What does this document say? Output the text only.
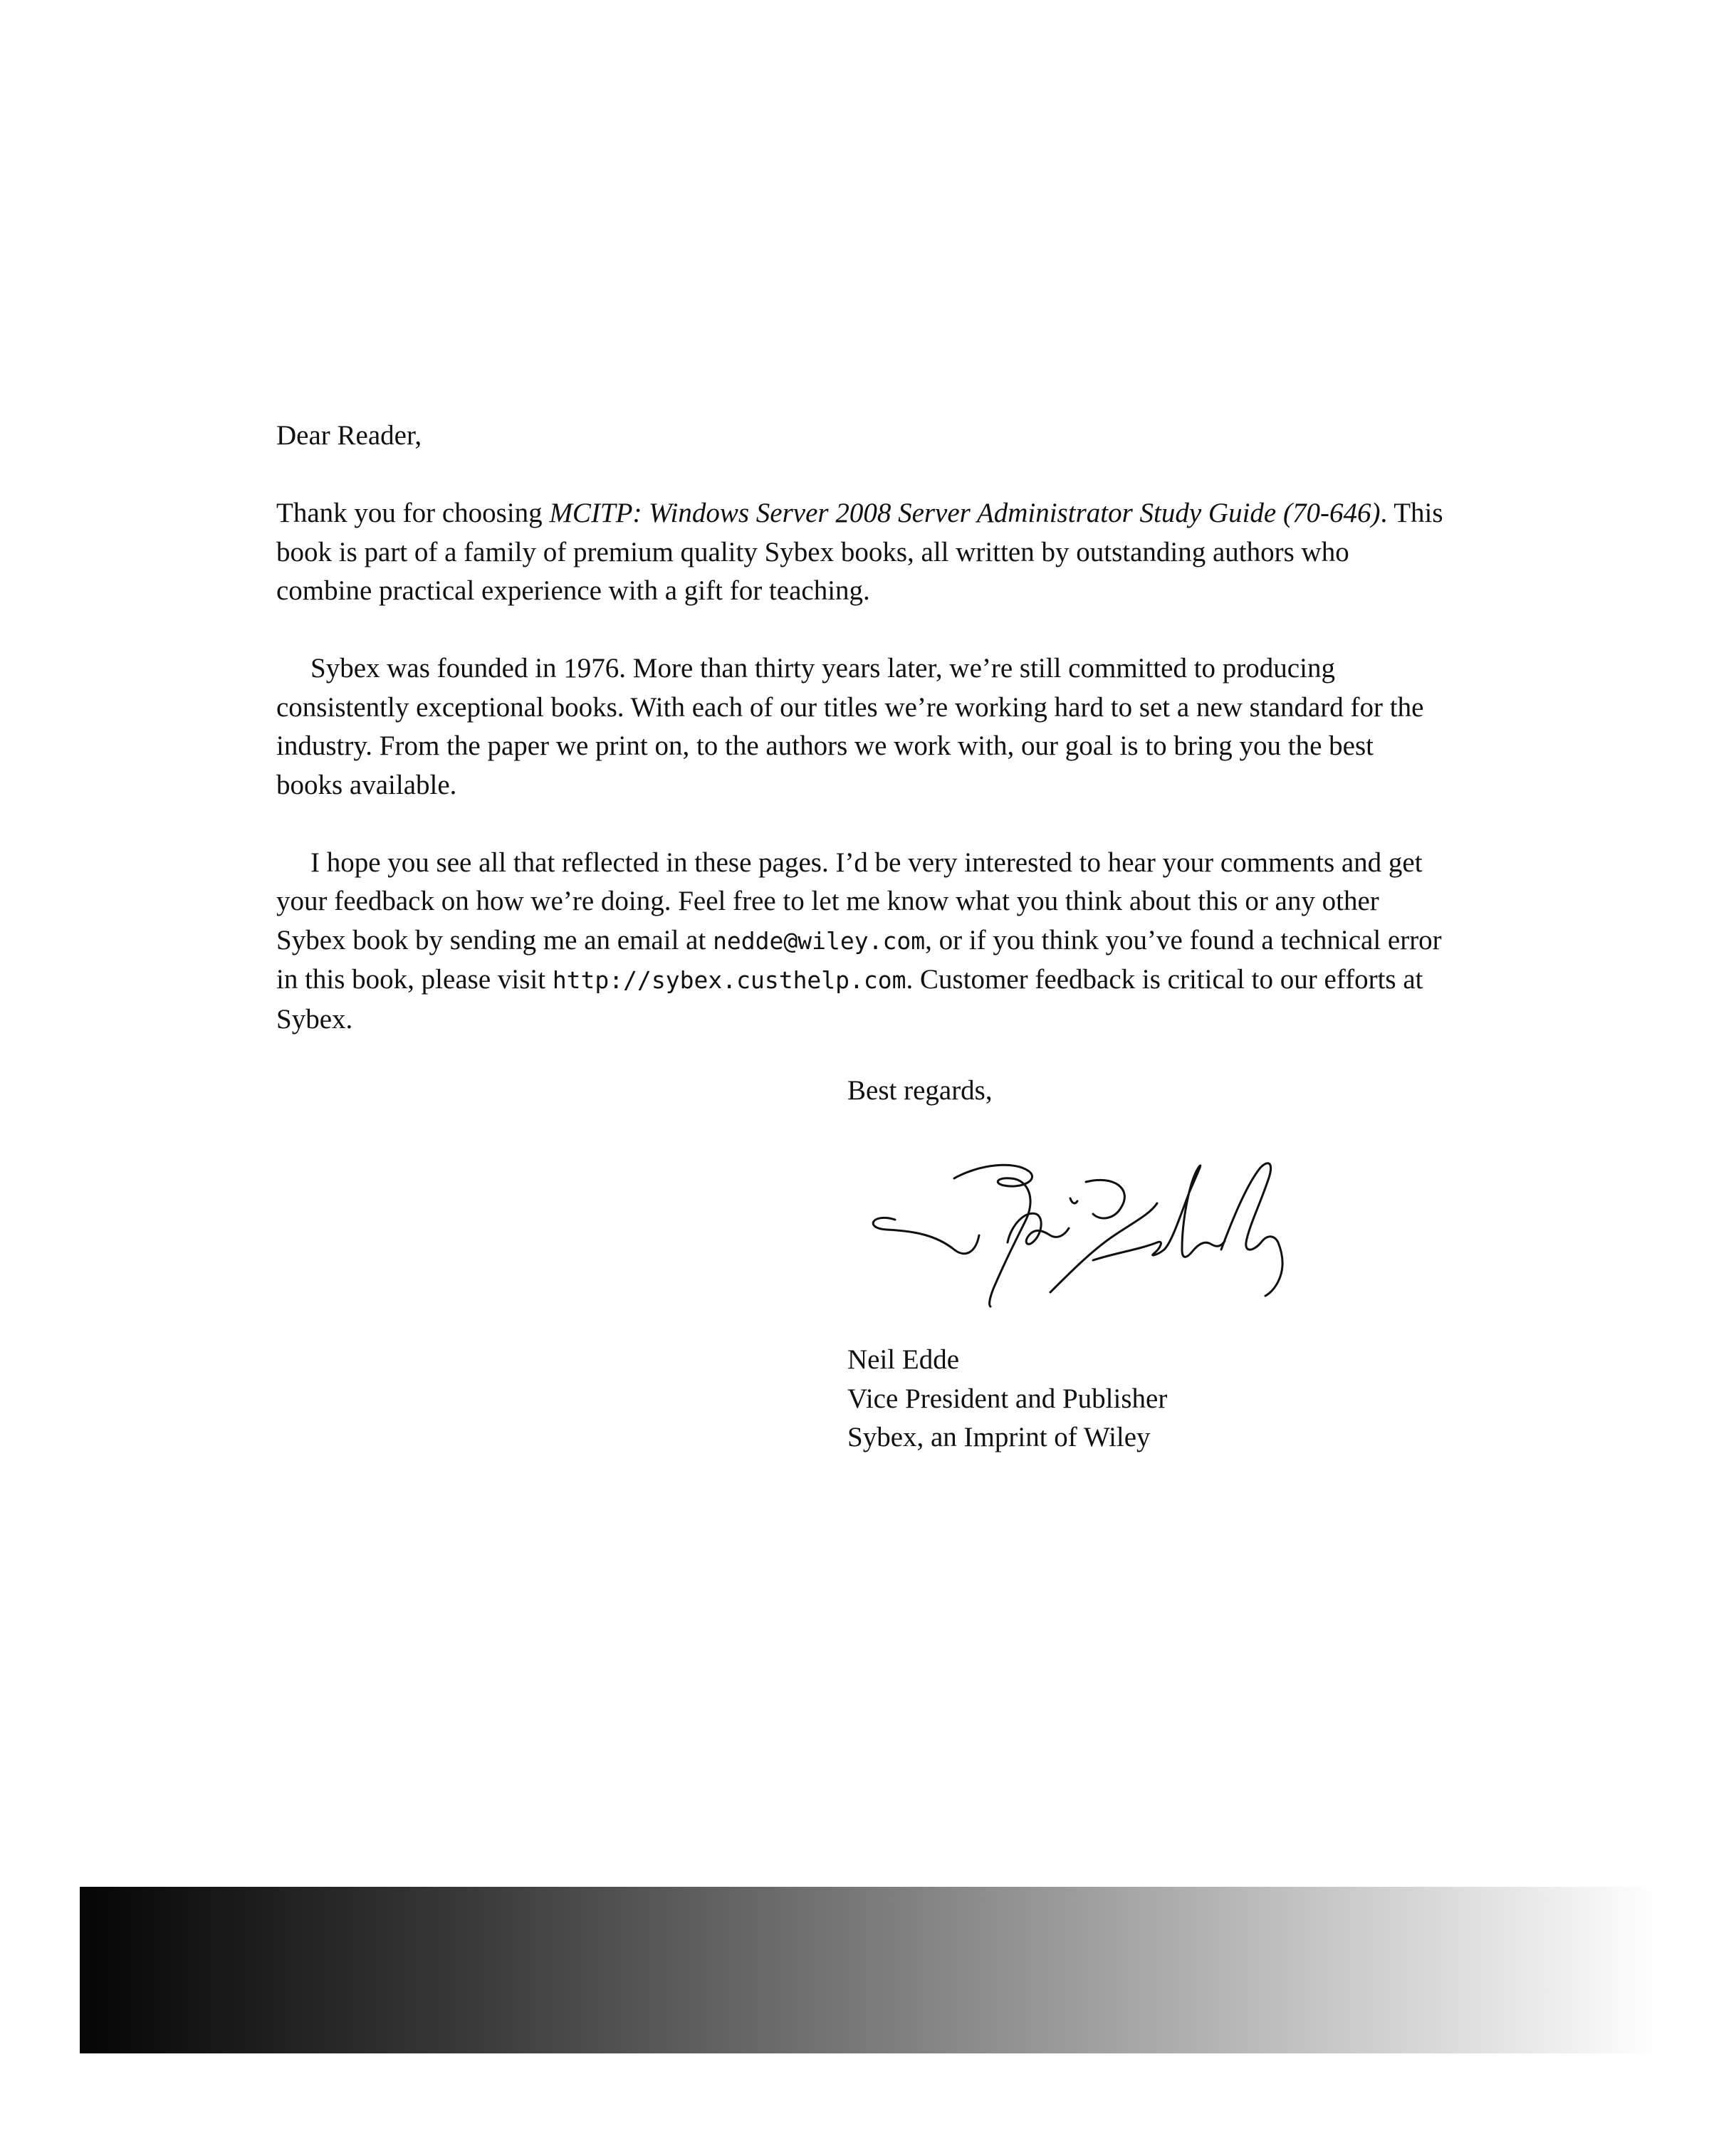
Dear Reader,

Thank you for choosing MCITP: Windows Server 2008 Server Administrator Study Guide (70-646). This book is part of a family of premium quality Sybex books, all written by outstanding authors who combine practical experience with a gift for teaching.

Sybex was founded in 1976. More than thirty years later, we’re still committed to producing consistently exceptional books. With each of our titles we’re working hard to set a new standard for the industry. From the paper we print on, to the authors we work with, our goal is to bring you the best books available.

I hope you see all that reflected in these pages. I’d be very interested to hear your comments and get your feedback on how we’re doing. Feel free to let me know what you think about this or any other Sybex book by sending me an email at nedde@wiley.com, or if you think you’ve found a technical error in this book, please visit http://sybex.custhelp.com. Customer feedback is critical to our efforts at Sybex.

Best regards,
Neil Edde
Vice President and Publisher
Sybex, an Imprint of Wiley
